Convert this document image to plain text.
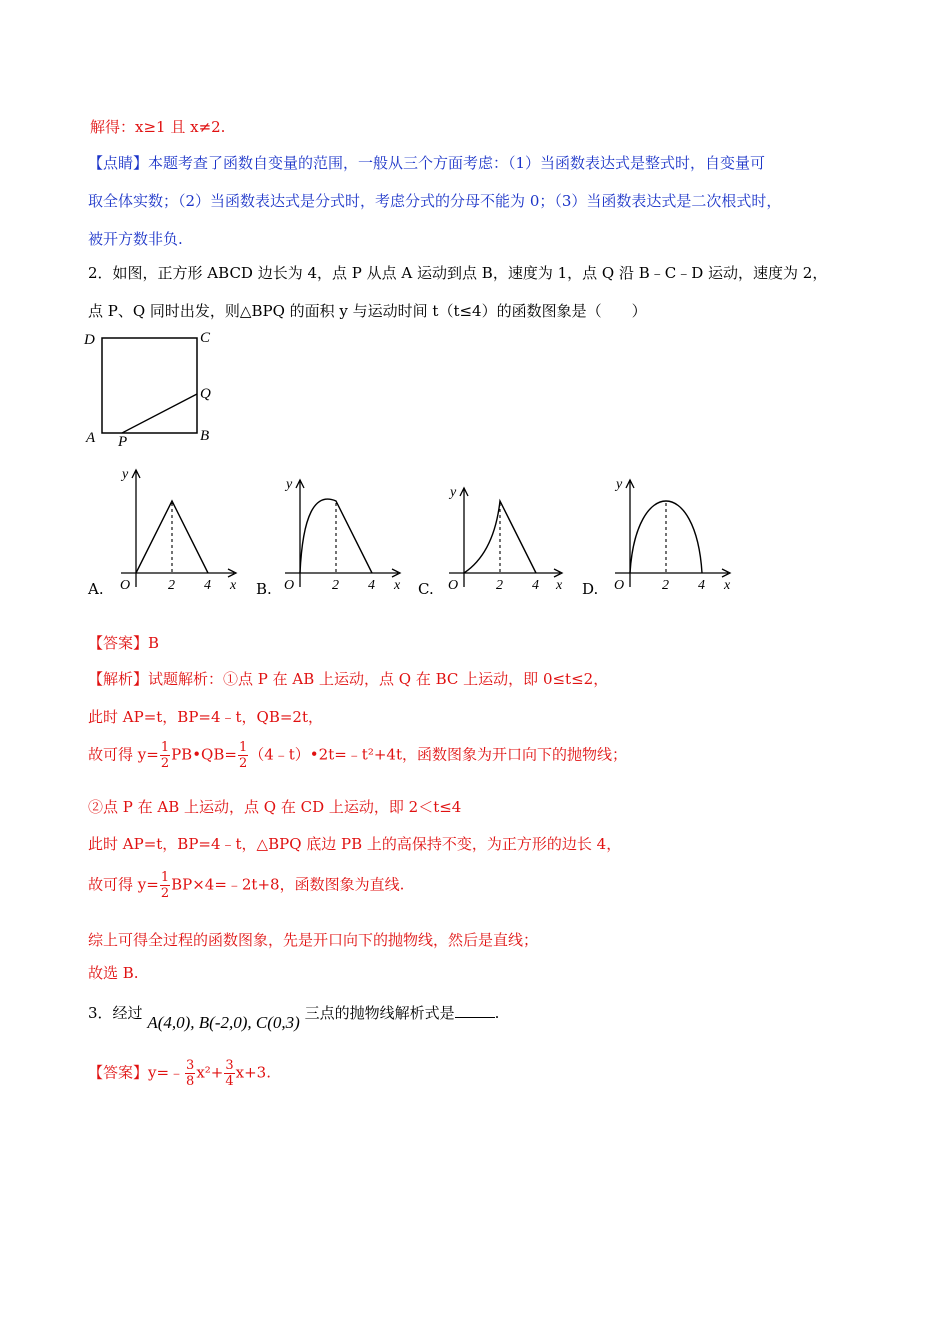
解得：x≥1 且 x≠2.
【点睛】本题考查了函数自变量的范围，一般从三个方面考虑：（1）当函数表达式是整式时，自变量可
取全体实数；（2）当函数表达式是分式时，考虑分式的分母不能为 0；（3）当函数表达式是二次根式时，
被开方数非负.
2．如图，正方形 ABCD 边长为 4，点 P 从点 A 运动到点 B，速度为 1，点 Q 沿 B﹣C﹣D 运动，速度为 2，
点 P、Q 同时出发，则△BPQ 的面积 y 与运动时间 t（t≤4）的函数图象是（　　）
D	C
Q
A P	B
A.
y
O	2 4 x B.
y
O	2 4 x C.
y
O	2 4 x D.
y
O	2 4 x
【答案】B
【解析】试题解析：①点 P 在 AB 上运动，点 Q 在 BC 上运动，即 0≤t≤2，
此时 AP=t，BP=4﹣t，QB=2t，
故可得 $y= \frac{1}{2}$ PB•QB= $\frac{1}{2}$ （4﹣t）•2t=﹣t²+4t，函数图象为开口向下的抛物线；
②点 P 在 AB 上运动，点 Q 在 CD 上运动，即 2＜t≤4
此时 AP=t，BP=4﹣t，△BPQ 底边 PB 上的高保持不变，为正方形的边长 4，
故可得 $y= \frac{1}{2}$ BP×4=﹣2t+8，函数图象为直线.
综上可得全过程的函数图象，先是开口向下的抛物线，然后是直线；
故选 B.
3．经过 A(4,0), B(-2,0), C(0,3) 三点的抛物线解析式是	.
【答案】y=﹣ $\frac{3}{8} x^2+ \frac{3}{4} x+3$.
